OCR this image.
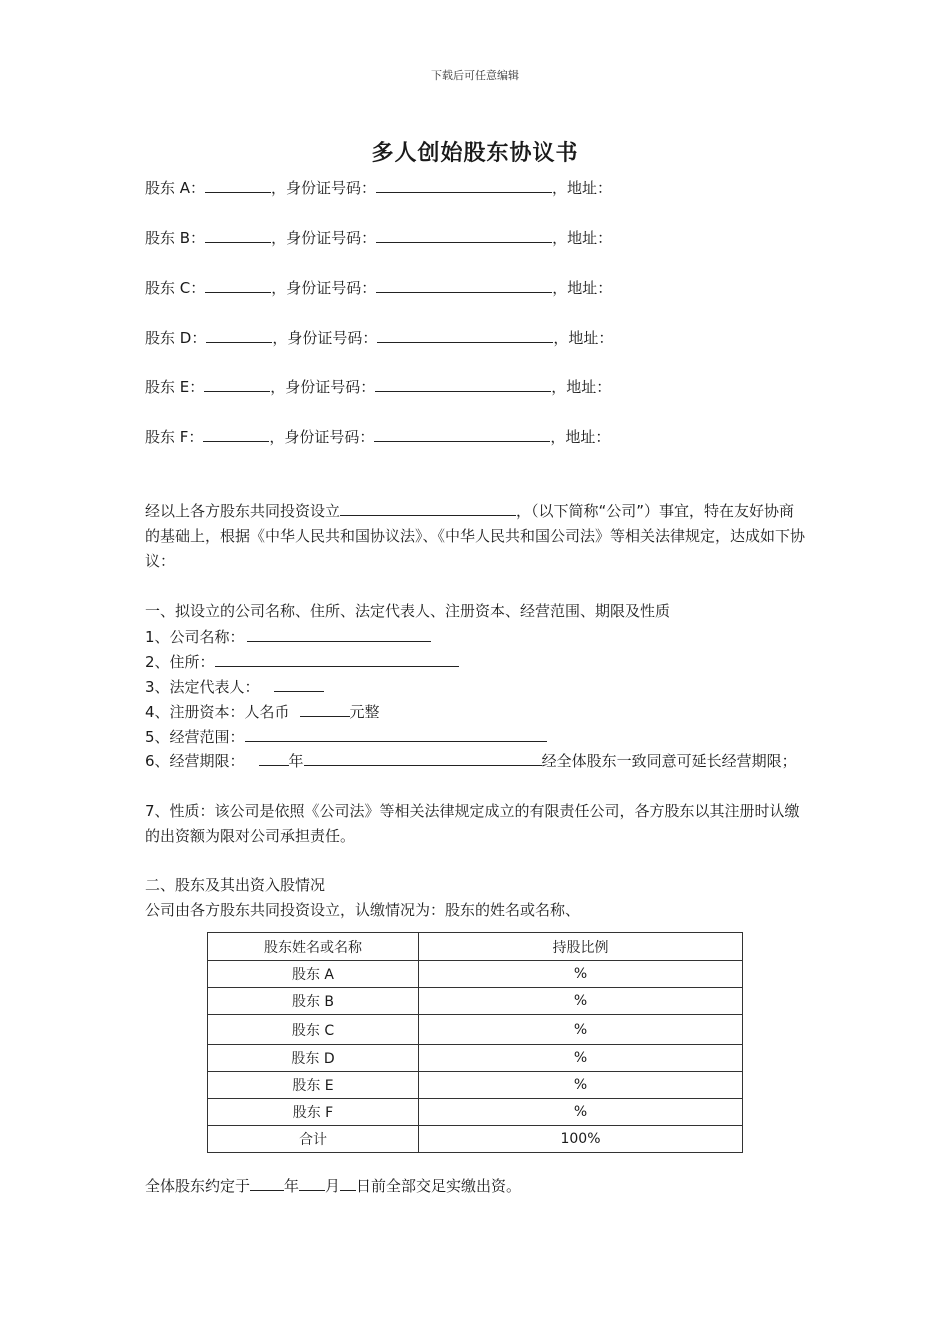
下载后可任意编辑
多人创始股东协议书
股东 A：	，身份证号码：	，地址：
股东 B：	，身份证号码：	，地址：
股东 C：	，身份证号码：	，地址：
股东 D：	，身份证号码：	，地址：
股东 E：	，身份证号码：	，地址：
股东 F：	，身份证号码：	，地址：
经以上各方股东共同投资设立	，（以下简称“公司”）事宜，特在友好协商的基础上，根据《中华人民共和国协议法》、《中华人民共和国公司法》等相关法律规定，达成如下协议：
一、拟设立的公司名称、住所、法定代表人、注册资本、经营范围、期限及性质
1、公司名称：
2、住所：
3、法定代表人：
4、注册资本：人名币	元整
5、经营范围：
6、经营期限：	年	经全体股东一致同意可延长经营期限；
7、性质：该公司是依照《公司法》等相关法律规定成立的有限责任公司，各方股东以其注册时认缴的出资额为限对公司承担责任。
二、股东及其出资入股情况
公司由各方股东共同投资设立，认缴情况为：股东的姓名或名称、
股东姓名或名称	持股比例
股东 A	%
股东 B	%
股东 C	%
股东 D	%
股东 E	%
股东 F	%
合计	100%
全体股东约定于 年 月 日前全部交足实缴出资。
